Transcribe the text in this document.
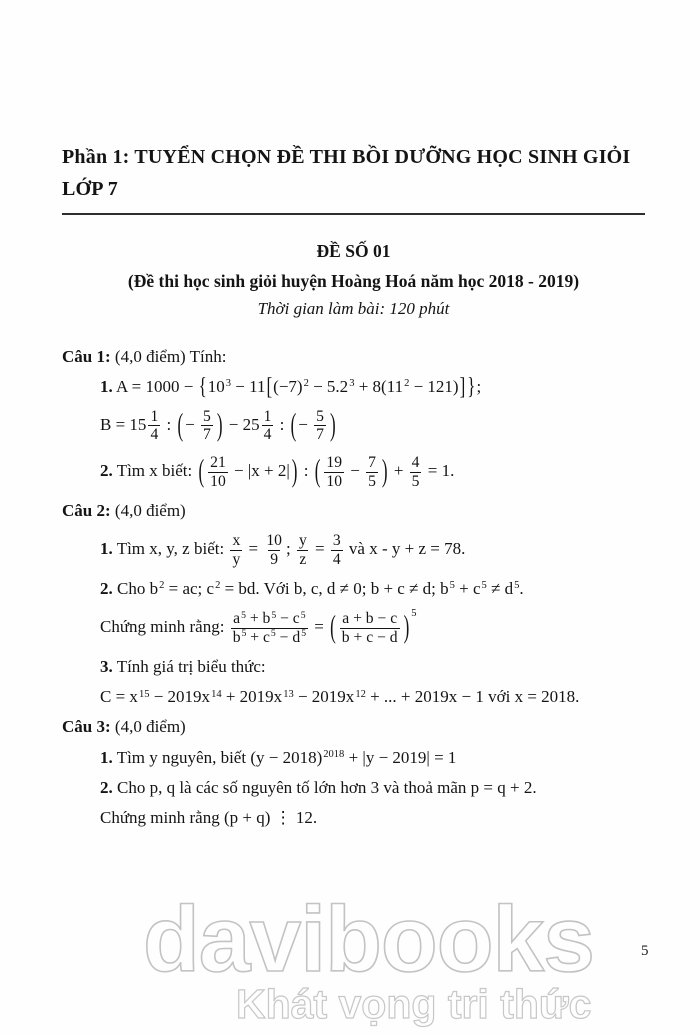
Phần 1: TUYỂN CHỌN ĐỀ THI BỒI DƯỠNG HỌC SINH GIỎI LỚP 7
ĐỀ SỐ 01
(Đề thi học sinh giỏi huyện Hoàng Hoá năm học 2018 - 2019)
Thời gian làm bài: 120 phút
Câu 1: (4,0 điểm) Tính:
1. $A = 1000 - \{10^3 - 11[(-7)^2 - 5.2^3 + 8(11^2 - 121)]$ };
$B = 15 \frac{1}{4}$ : ( − $\frac{5}{7}$ ) − $25 \frac{1}{4}$ : ( − $\frac{5}{7}$ )
2. Tìm x biết: ( $\frac{21}{10} - |x + 2|$ ) : ( $\frac{19}{10} - \frac{7}{5}$ ) + $\frac{4}{5} = 1$.
Câu 2: (4,0 điểm)
1. Tìm x, y, z biết: $\frac{x}{y} = \frac{10}{9}$ ; $\frac{y}{z} = \frac{3}{4}$ và x - y + z = 78.
2. Cho $b^2$ = ac; $c^2$ = bd. Với b, c, d ≠ 0; b + c ≠ d; $b^5 + c^5 \ne d^5$.
Chứng minh rằng: $\frac{a^5 + b^5 - c^5}{b^5 + c^5 - d^5}$ = ( $\frac{a + b - c}{b + c - d}$ ) 5
3. Tính giá trị biểu thức:
$C = x^{15} - 2019x^{14} + 2019x^{13} - 2019x^{12}$ + ... + 2019x − 1 với x = 2018.
Câu 3: (4,0 điểm)
1. Tìm y nguyên, biết $(y - 2018)^{2018} + |y - 2019| = 1$
2. Cho p, q là các số nguyên tố lớn hơn 3 và thoả mãn p = q + 2.
Chứng minh rằng (p + q) ⋮ 12.
davibooks
Khát vọng tri thức
5
